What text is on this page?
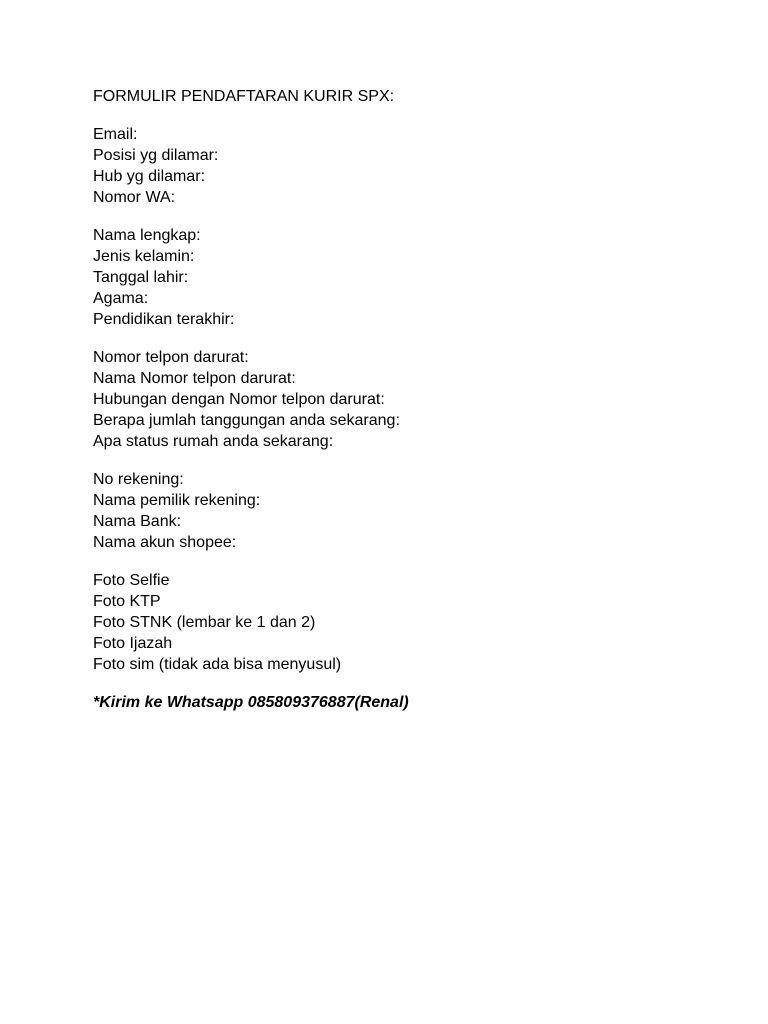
FORMULIR PENDAFTARAN KURIR SPX:
Email:
Posisi yg dilamar:
Hub yg dilamar:
Nomor WA:
Nama lengkap:
Jenis kelamin:
Tanggal lahir:
Agama:
Pendidikan terakhir:
Nomor telpon darurat:
Nama Nomor telpon darurat:
Hubungan dengan Nomor telpon darurat:
Berapa jumlah tanggungan anda sekarang:
Apa status rumah anda sekarang:
No rekening:
Nama pemilik rekening:
Nama Bank:
Nama akun shopee:
Foto Selfie
Foto KTP
Foto STNK (lembar ke 1 dan 2)
Foto Ijazah
Foto sim (tidak ada bisa menyusul)
*Kirim ke Whatsapp 085809376887(Renal)
